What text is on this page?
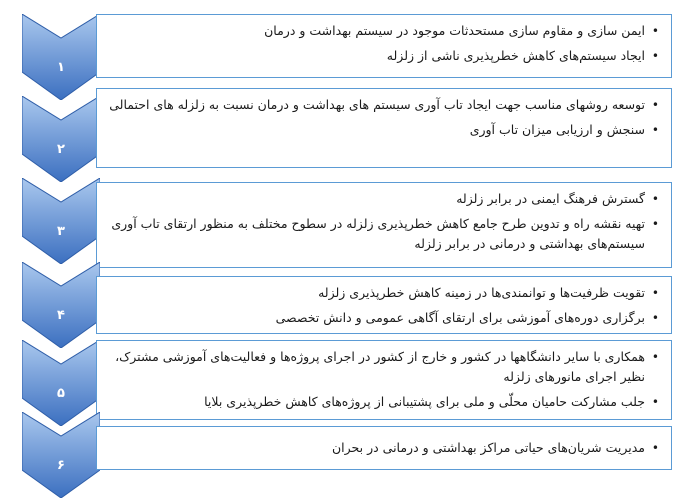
۱
• ایمن سازی و مقاوم سازی مستحدثات موجود در سیستم بهداشت و درمان
• ایجاد سیستم‌های کاهش خطرپذیری ناشی از زلزله
۲
• توسعه روشهای مناسب جهت ایجاد تاب آوری سیستم های بهداشت و درمان نسبت به زلزله های احتمالی
• سنجش و ارزیابی میزان تاب آوری
۳
• گسترش فرهنگ ایمنی در برابر زلزله
• تهیه نقشه راه و تدوین طرح جامع کاهش خطرپذیری زلزله در سطوح مختلف به منظور ارتقای تاب آوری سیستم‌های بهداشتی و درمانی در برابر زلزله
۴
• تقویت ظرفیت‌ها و توانمندی‌ها در زمینه کاهش خطرپذیری زلزله
• برگزاری دوره‌های آموزشی برای ارتقای آگاهی عمومی و دانش تخصصی
۵
• همکاری با سایر دانشگاهها در کشور و خارج از کشور در اجرای پروژه‌ها و فعالیت‌های آموزشی مشترک، نظیر اجرای مانورهای زلزله
• جلب مشارکت حامیان محلّی و ملی برای پشتیبانی از پروژه‌های کاهش خطرپذیری بلایا
۶
• مدیریت شریان‌های حیاتی مراکز بهداشتی و درمانی در بحران
